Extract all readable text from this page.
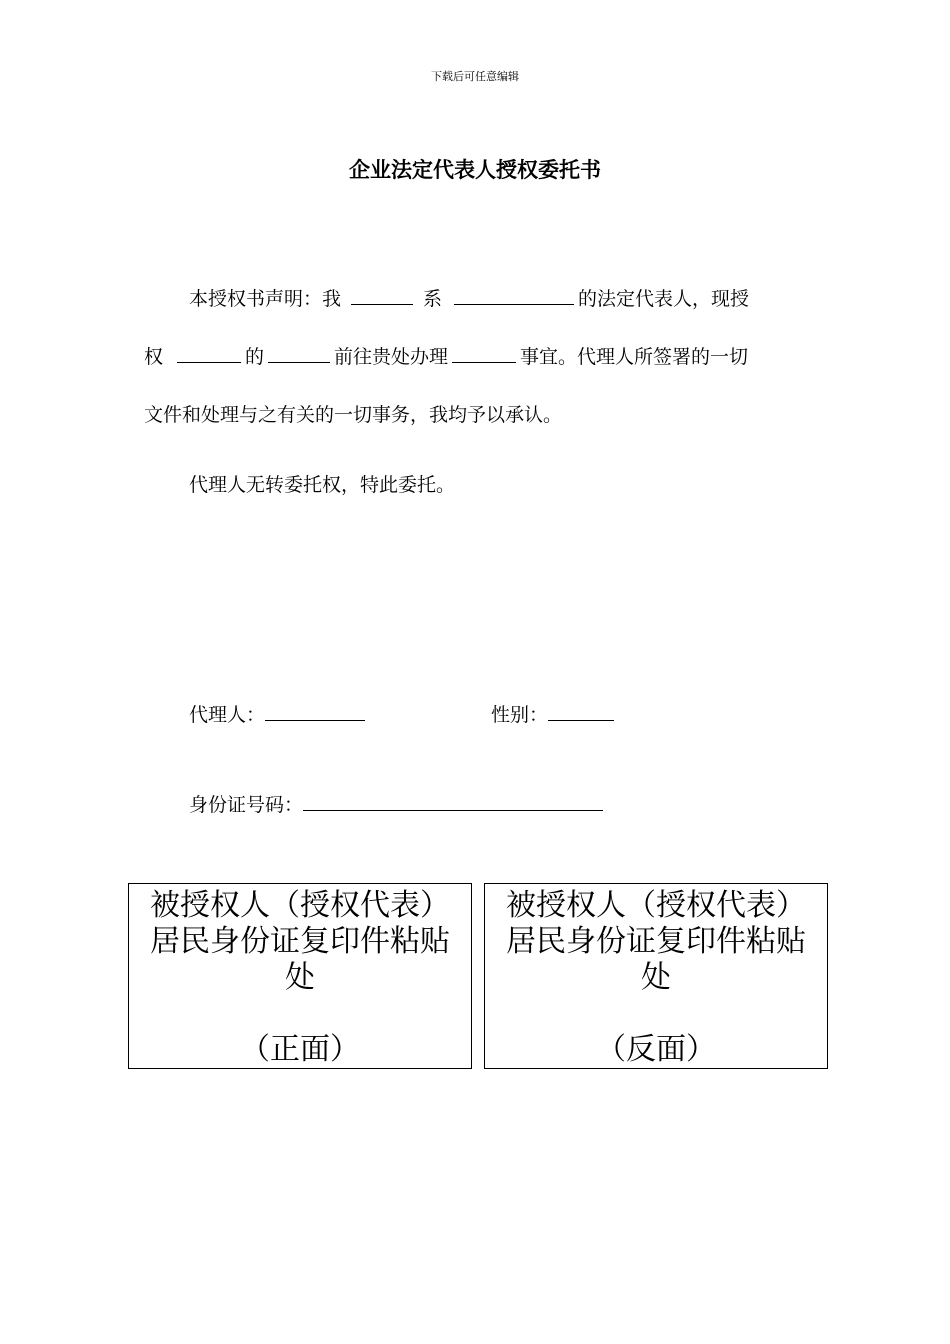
下载后可任意编辑
企业法定代表人授权委托书
本授权书声明：我	系	的法定代表人，现授
权	的	前往贵处办理	事宜。代理人所签署的一切
文件和处理与之有关的一切事务，我均予以承认。
代理人无转委托权，特此委托。
代理人：	性别：
身份证号码：
被授权人（授权代表）居民身份证复印件粘贴处
（正面）
被授权人（授权代表）居民身份证复印件粘贴处
（反面）
